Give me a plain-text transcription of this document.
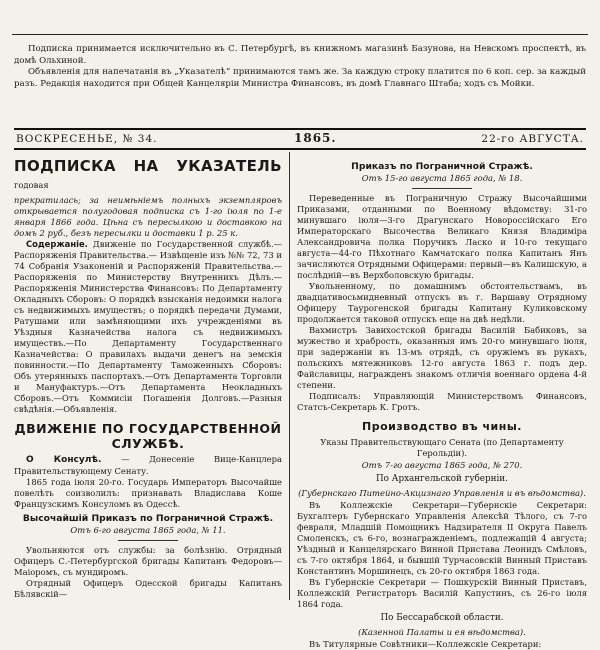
Подписка принимается исключительно въ С. Петербургѣ, въ книжномъ магазинѣ Базунова, на Невскомъ проспектѣ, въ домѣ Ольхиной.

Объявленія для напечатанія въ „Указателѣ“ принимаются тамъ же. За каждую строку платится по 6 коп. сер. за каждый разъ. Редакція находится при Общей Канцеляріи Министра Финансовъ, въ домѣ Главнаго Штаба; ходъ съ Мойки.

ВОСКРЕСЕНЬЕ, № 34.	1865.	22-го АВГУСТА.
ПОДПИСКА НА УКАЗАТЕЛЬ годовая

прекратилась; за неимѣніемъ полныхъ экземпляровъ открывается полугодовая подписка съ 1-го іюля по 1-е января 1866 года. Цѣна съ пересылкою и доставкою на домъ 2 руб., безъ пересылки и доставки 1 р. 25 к.

Содержаніе. Движеніе по Государственной службѣ.—Распоряженія Правительства.— Извѣщеніе изъ №№ 72, 73 и 74 Собранія Узаконеній и Распоряженій Правительства.—Распоряженія по Министерству Внутреннихъ Дѣлъ.—Распоряженія Министерства Финансовъ: По Департаменту Окладныхъ Сборовъ: О порядкѣ взысканія недоимки налога съ недвижимыхъ имуществъ; о порядкѣ передачи Думами, Ратушами или замѣняющими ихъ учрежденіями въ Уѣздныя Казначейства налога съ недвижимыхъ имуществъ.—По Департаменту Государственнаго Казначейства: О правилахъ выдачи денегъ на земскія повинности.—По Департаменту Таможенныхъ Сборовъ: Объ утерянныхъ паспортахъ.—Отъ Департамента Торговли и Мануфактуръ.—Отъ Департамента Неокладныхъ Сборовъ.—Отъ Коммисіи Погашенія Долговъ.—Разныя свѣдѣнія.—Объявленія.

ДВИЖЕНІЕ ПО ГОСУДАРСТВЕННОЙ СЛУЖБѢ.

О Консулѣ. — Донесеніе Вице-Канцлера Правительствующему Сенату.

1865 года іюля 20-го. Государь Императоръ Высочайше повелѣть соизволилъ: признавать Владислава Коше Французскимъ Консуломъ въ Одессѣ.

Высочайшій Приказъ по Пограничной Стражѣ.
Отъ 6-го августа 1865 года, № 11.

Увольняются отъ службы: за болѣзнію. Отрядный Офицеръ С.-Петербургской бригады Капитанъ Федоровъ—Маіоромъ, съ мундиромъ.

Отрядный Офицеръ Одесской бригады Капитанъ Бѣлявскій—

Приказъ по Пограничной Стражѣ.
Отъ 15-го августа 1865 года, № 18.

Переведенные въ Пограничную Стражу Высочайшими Приказами, отданными по Военному вѣдомству: 31-го минувшаго іюля—3-го Драгунскаго Новороссійскаго Его Императорскаго Высочества Великаго Князя Владиміра Александровича полка Поручикъ Ласко и 10-го текущаго августа—44-го Пѣхотнаго Камчатскаго полка Капитанъ Янъ зачисляются Отрядными Офицерами: первый—въ Калишскую, а послѣдній—въ Верхболовскую бригады.

Увольненному, по домашнимъ обстоятельствамъ, въ двадцативосьмидневный отпускъ въ г. Варшаву Отрядному Офицеру Таурогенской бригады Капитану Куликовскому продолжается таковой отпускъ еще на двѣ недѣли.

Вахмистръ Завихостской бригады Василій Бабиковъ, за мужество и храбрость, оказанныя имъ 20-го минувшаго іюля, при задержаніи въ 13-мъ отрядѣ, съ оружіемъ въ рукахъ, польскихъ мятежниковъ 12-го августа 1863 г. подъ дер. Файславицы, награжденъ знакомъ отличія военнаго ордена 4-й степени.

Подписалъ: Управляющій Министерствомъ Финансовъ, Статсъ-Секретарь К. Гротъ.

Производство въ чины.
Указы Правительствующаго Сената (по Департаменту Герольдіи).
Отъ 7-го августа 1865 года, № 270.
По Архангельской губерніи.
(Губернскаго Питейно-Акцизнаго Управленія и въ вѣдомства).

Въ Коллежскіе Секретари—Губернскіе Секретари: Бухгалтеръ Губернскаго Управленія Алексѣй Тѣлого, съ 7-го февраля, Младшій Помощникъ Надзирателя II Округа Павелъ Смоленскъ, съ 6-го, вознагражденіемъ, подлежащій 4 августа; Уѣздный и Канцелярскаго Винной Пристава Леонидъ Смѣловъ, съ 7-го октября 1864, и бывшій Турчасовскій Винный Приставъ Константинъ Моршинецъ, съ 20-го октября 1863 года.

Въ Губернскіе Секретари — Пошкурскій Винный Приставъ, Коллежскій Регистраторъ Василій Капустинъ, съ 26-го іюля 1864 года.

По Бессарабской области.
(Казенной Палаты и ея вѣдомства).

Въ Титулярные Совѣтники—Коллежскіе Секретари:
